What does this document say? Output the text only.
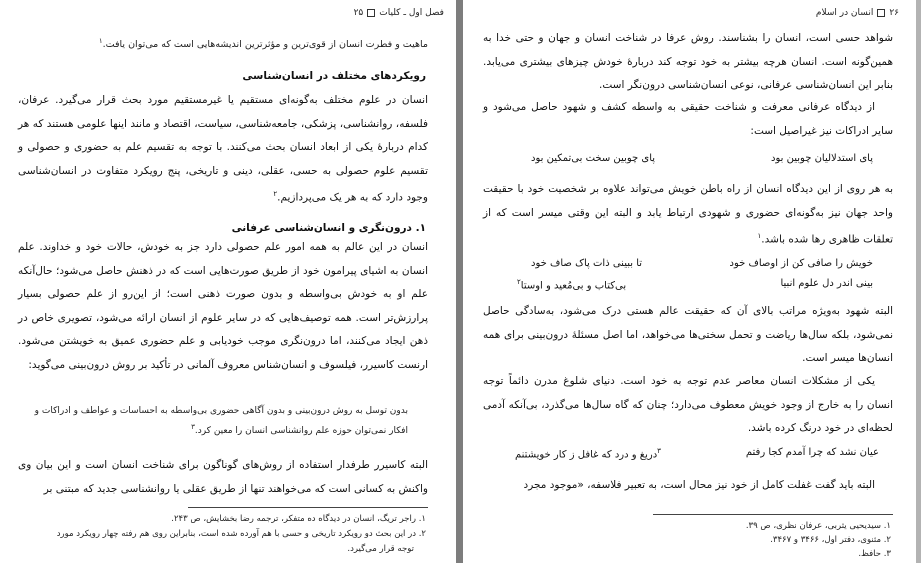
فصل اول ـ کلیات۲۵
ماهیت و فطرت انسان از قوی‌ترین و مؤثرترین اندیشه‌هایی است که می‌توان یافت.$^۱$
رویکردهای مختلف در انسان‌شناسی

انسان در علوم مختلف به‌گونه‌ای مستقیم یا غیرمستقیم مورد بحث قرار می‌گیرد. عرفان، فلسفه، روانشناسی، پزشکی، جامعه‌شناسی، سیاست، اقتصاد و مانند اینها علومی هستند که هر کدام دربارهٔ یکی از ابعاد انسان بحث می‌کنند. با توجه به تقسیم علم به حضوری و حصولی و تقسیم علوم حصولی به حسی، عقلی، دینی و تاریخی، پنج رویکرد متفاوت در انسان‌شناسی وجود دارد که به هر یک می‌پردازیم.$^۲$

۱. درون‌نگری و انسان‌شناسی عرفانی

انسان در این عالم به همه امور علم حصولی دارد جز به خودش، حالات خود و خداوند. علم انسان به اشیای پیرامون خود از طریق صورت‌هایی است که در ذهنش حاصل می‌شود؛ حال‌آنکه علم او به خودش بی‌واسطه و بدون صورت ذهنی است؛ از این‌رو از علم حصولی بسیار پرارزش‌تر است. همه توصیف‌هایی که در سایر علوم از انسان ارائه می‌شود، تصویری خاص در ذهن ایجاد می‌کنند، اما درون‌نگری موجب خودیابی و علم حضوری عمیق به خویشتن می‌شود. ارنست کاسیرر، فیلسوف و انسان‌شناس معروف آلمانی در تأکید بر روش درون‌بینی می‌گوید:

بدون توسل به روش درون‌بینی و بدون آگاهی حضوری بی‌واسطه به احساسات و عواطف و ادراکات و افکار نمی‌توان حوزه علم روانشناسی انسان را معین کرد.$^۳$

البته کاسیرر طرفدار استفاده از روش‌های گوناگون برای شناخت انسان است و این بیان وی واکنش به کسانی است که می‌خواهند تنها از طریق عقلی یا روانشناسی جدید که مبتنی بر

۱. راجر تریگ، انسان در دیدگاه ده متفکر، ترجمه رضا بخشایش، ص ۲۴۳.
۲. در این بحث دو رویکرد تاریخی و حسی با هم آورده شده است، بنابراین روی هم رفته چهار رویکرد مورد
توجه قرار می‌گیرد.
۲۶انسان در اسلام

شواهد حسی است، انسان را بشناسند. روش عرفا در شناخت انسان و جهان و حتی خدا به همین‌گونه است. انسان هرچه بیشتر به خود توجه کند دربارهٔ خودش چیزهای بیشتری می‌یابد. بنابر این انسان‌شناسی عرفانی، نوعی انسان‌شناسی درون‌نگر است.

از دیدگاه عرفانی معرفت و شناخت حقیقی به واسطه کشف و شهود حاصل می‌شود و سایر ادراکات نیز غیراصیل است:

پای استدلالیان چوبین بود
پای چوبین سخت بی‌تمکین بود

به هر روی از این دیدگاه انسان از راه باطن خویش می‌تواند علاوه بر شخصیت خود با حقیقت واحد جهان نیز به‌گونه‌ای حضوری و شهودی ارتباط یابد و البته این وقتی میسر است که از تعلقات ظاهری رها شده باشد.$^۱$

خویش را صافی کن از اوصاف خود
تا ببینی ذات پاک صاف خود
بینی اندر دل علوم انبیا
بی‌کتاب و بی‌مُعید و اوستا$^۲$

البته شهود به‌ویژه مراتب بالای آن که حقیقت عالم هستی درک می‌شود، به‌سادگی حاصل نمی‌شود، بلکه سال‌ها ریاضت و تحمل سختی‌ها می‌خواهد، اما اصل مسئلهٔ درون‌بینی برای همه انسان‌ها میسر است.

یکی از مشکلات انسان معاصر عدم توجه به خود است. دنیای شلوغ مدرن دائماً توجه انسان را به خارج از وجود خویش معطوف می‌دارد؛ چنان که گاه سال‌ها می‌گذرد، بی‌آنکه آدمی لحظه‌ای در خود درنگ کرده باشد.

عیان نشد که چرا آمدم کجا رفتم
$^۳$دریغ و درد که غافل ز کار خویشتنم

البته باید گفت غفلت کامل از خود نیز محال است، به تعبیر فلاسفه، «موجود مجرد

۱. سیدیحیی یثربی، عرفان نظری، ص ۳۹.
۲. مثنوی، دفتر اول، ۳۴۶۶ و ۳۴۶۷.
۳. حافظ.
